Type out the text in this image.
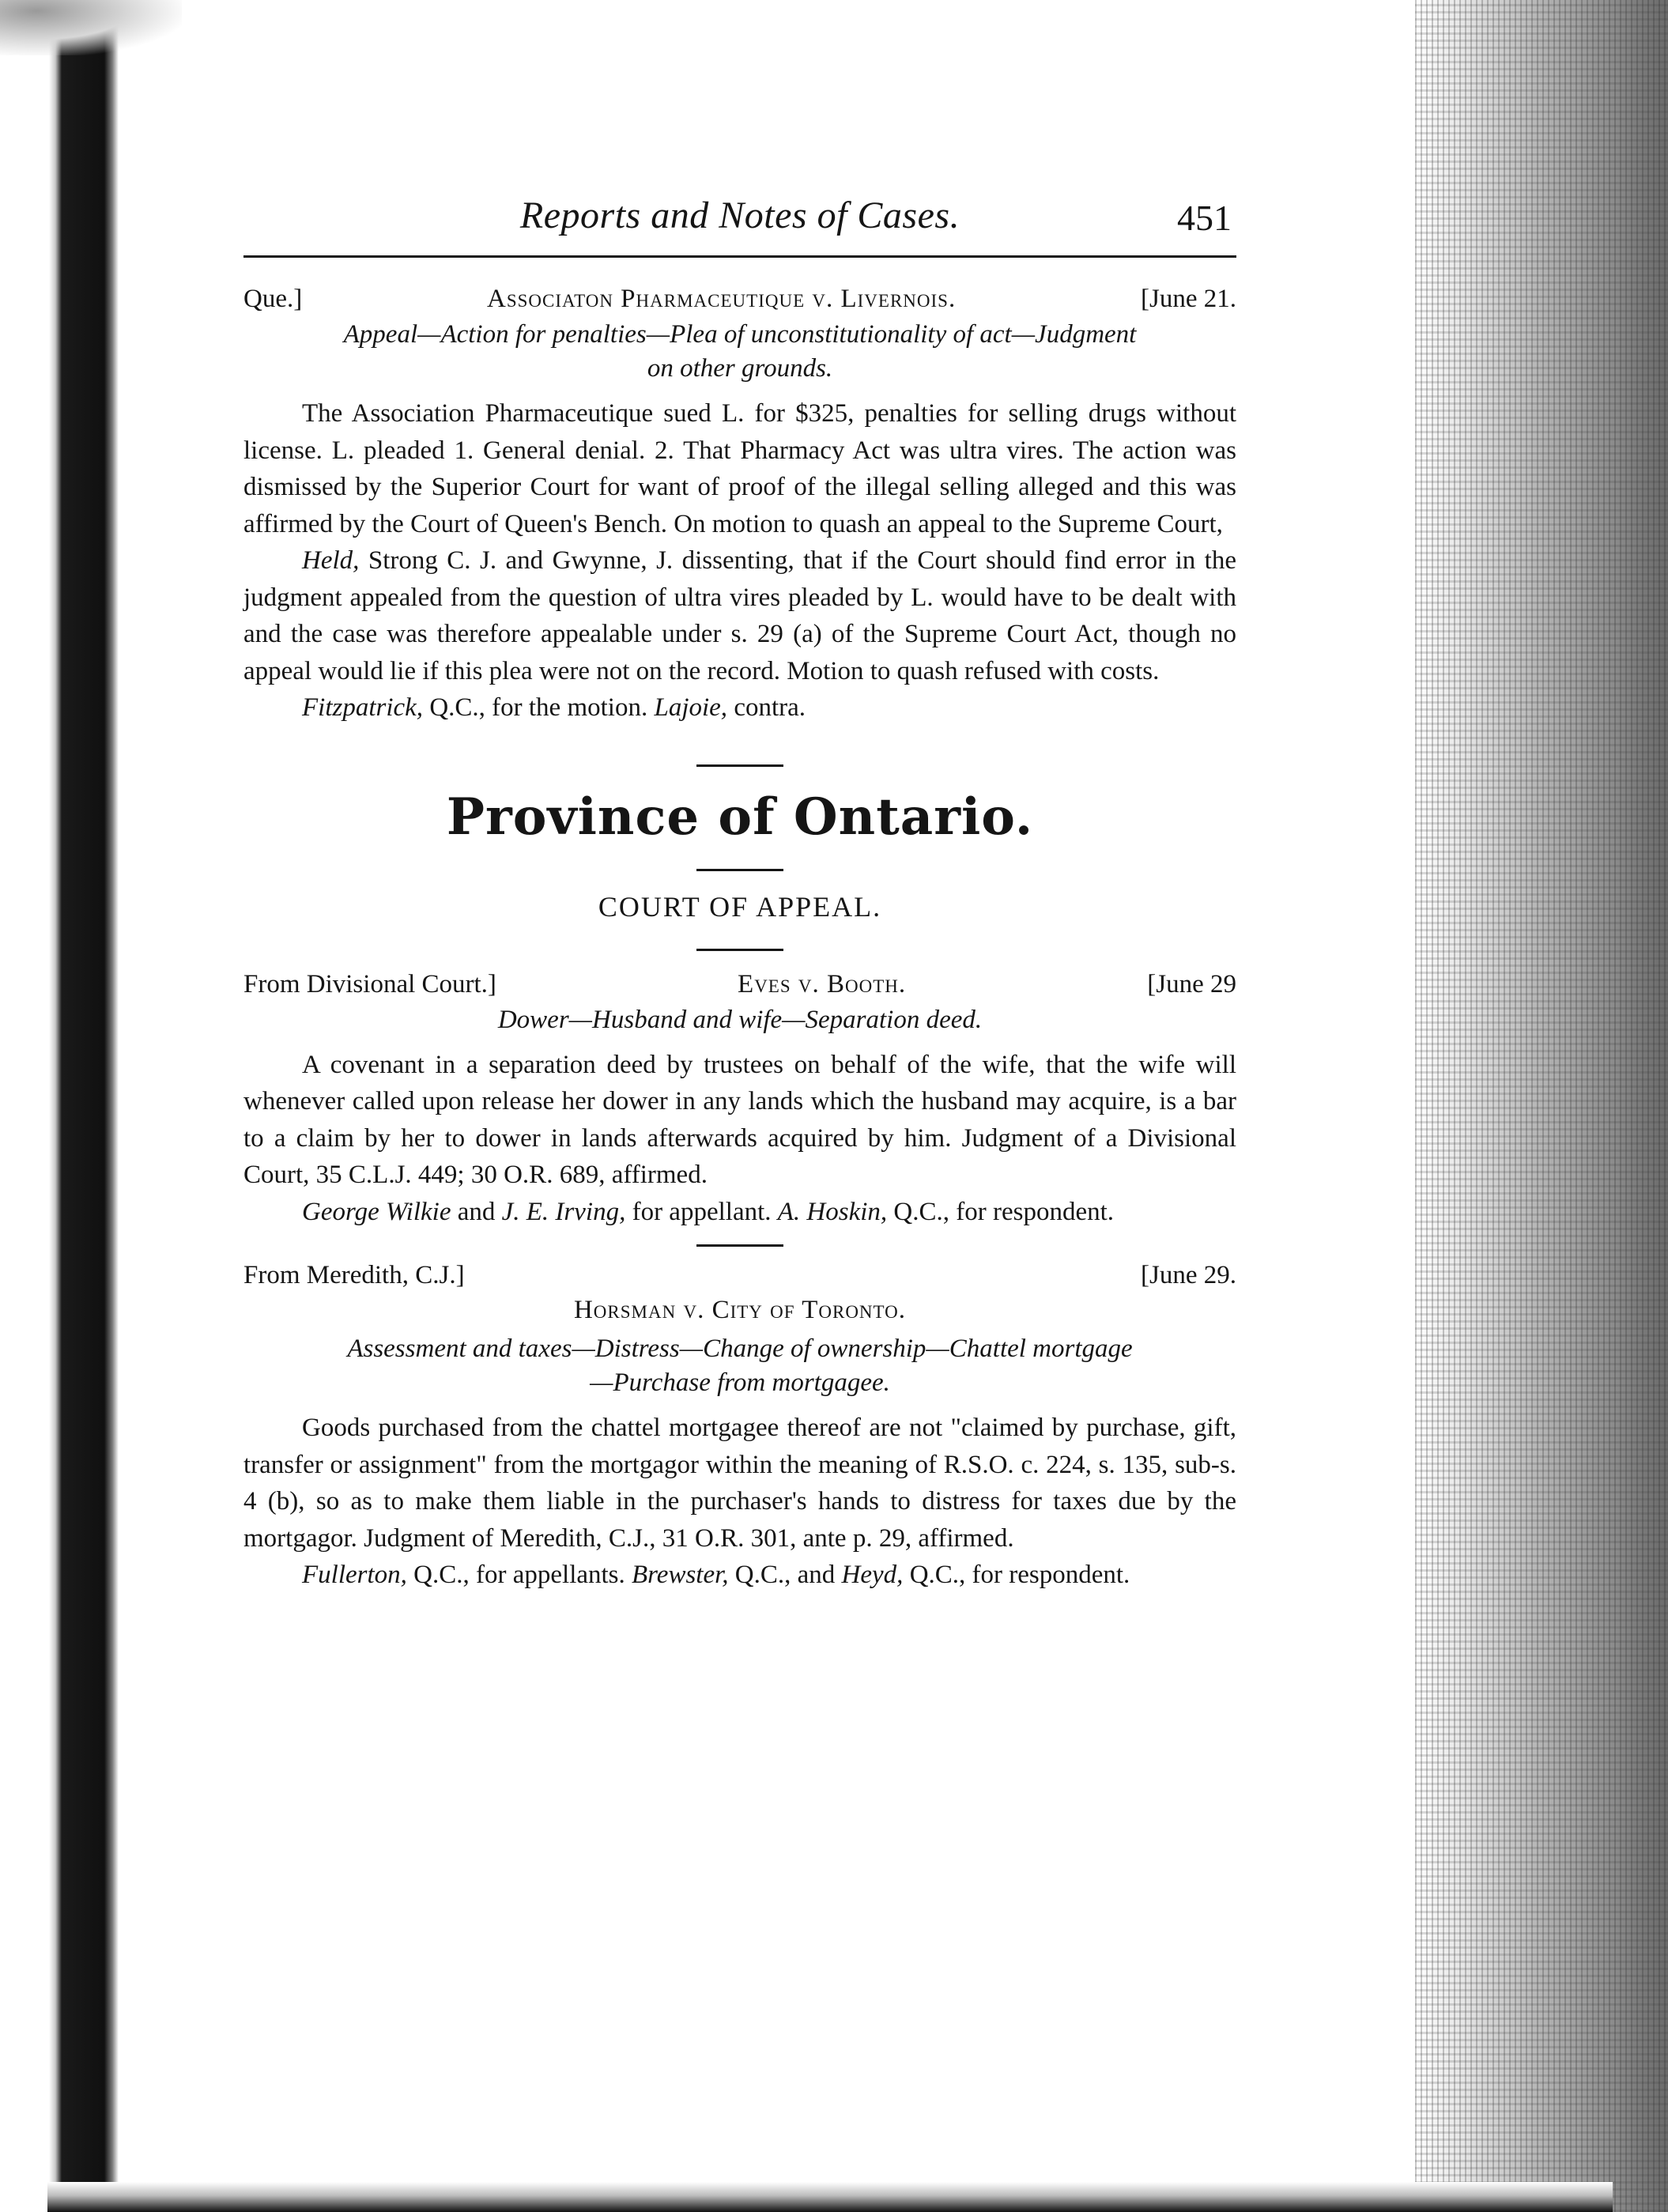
Reports and Notes of Cases.	451
Que.]	Associaton Pharmaceutique v. Livernois.	[June 21.
Appeal—Action for penalties—Plea of unconstitutionality of act—Judgment
on other grounds.

The Association Pharmaceutique sued L. for $325, penalties for selling drugs without license. L. pleaded 1. General denial. 2. That Pharmacy Act was ultra vires. The action was dismissed by the Superior Court for want of proof of the illegal selling alleged and this was affirmed by the Court of Queen's Bench. On motion to quash an appeal to the Supreme Court,

Held, Strong C. J. and Gwynne, J. dissenting, that if the Court should find error in the judgment appealed from the question of ultra vires pleaded by L. would have to be dealt with and the case was therefore appealable under s. 29 (a) of the Supreme Court Act, though no appeal would lie if this plea were not on the record. Motion to quash refused with costs.

Fitzpatrick, Q.C., for the motion. Lajoie, contra.

Province of Ontario.
COURT OF APPEAL.
From Divisional Court.]	Eves v. Booth.	[June 29
Dower—Husband and wife—Separation deed.

A covenant in a separation deed by trustees on behalf of the wife, that the wife will whenever called upon release her dower in any lands which the husband may acquire, is a bar to a claim by her to dower in lands afterwards acquired by him. Judgment of a Divisional Court, 35 C.L.J. 449; 30 O.R. 689, affirmed.

George Wilkie and J. E. Irving, for appellant. A. Hoskin, Q.C., for respondent.

From Meredith, C.J.]	[June 29.
Horsman v. City of Toronto.
Assessment and taxes—Distress—Change of ownership—Chattel mortgage
—Purchase from mortgagee.

Goods purchased from the chattel mortgagee thereof are not "claimed by purchase, gift, transfer or assignment" from the mortgagor within the meaning of R.S.O. c. 224, s. 135, sub-s. 4 (b), so as to make them liable in the purchaser's hands to distress for taxes due by the mortgagor. Judgment of Meredith, C.J., 31 O.R. 301, ante p. 29, affirmed.

Fullerton, Q.C., for appellants. Brewster, Q.C., and Heyd, Q.C., for respondent.
